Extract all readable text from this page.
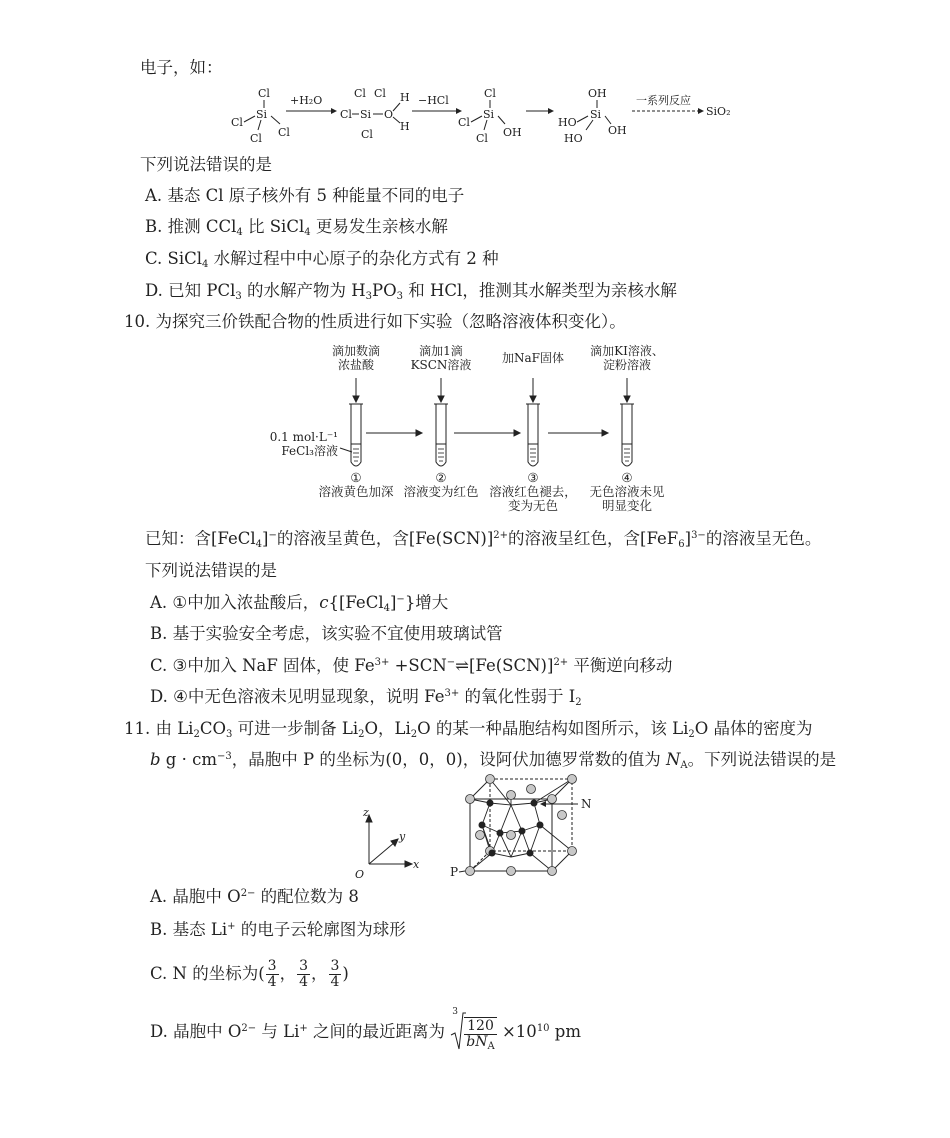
电子，如：
Cl
Si
Cl
Cl
Cl
+H₂O
Cl Cl
Cl Si O
H
H
Cl
−HCl
Cl
Si
Cl
OH
Cl
OH
Si
HO
OH
HO
一系列反应
SiO₂
下列说法错误的是
A. 基态 Cl 原子核外有 5 种能量不同的电子
B. 推测 CCl$_4$ 比 SiCl$_4$ 更易发生亲核水解
C. SiCl$_4$ 水解过程中中心原子的杂化方式有 2 种
D. 已知 PCl$_3$ 的水解产物为 $H_3PO_3$ 和 HCl，推测其水解类型为亲核水解
10. 为探究三价铁配合物的性质进行如下实验（忽略溶液体积变化）。
滴加数滴
浓盐酸
滴加1滴
KSCN溶液	加NaF固体	滴加KI溶液、
淀粉溶液
0.1 mol·L⁻¹
FeCl₃溶液
①
溶液黄色加深
②
溶液变为红色
③
溶液红色褪去，
变为无色
④
无色溶液未见
明显变化
已知：含[FeCl$_4$]−的溶液呈黄色，含$[Fe(SCN)]^{2+}$的溶液呈红色，含$[FeF_6]^{3-}$的溶液呈无色。
下列说法错误的是
A. ①中加入浓盐酸后，c{[FeCl$_4$]−}增大
B. 基于实验安全考虑，该实验不宜使用玻璃试管
C. ③中加入 NaF 固体，使 $Fe^{3+}$ $+SCN^-\rightleftharpoons[Fe(SCN)]^{2+}$ 平衡逆向移动
D. ④中无色溶液未见明显现象，说明 $Fe^{3+}$ 的氧化性弱于 $I_2$
11. 由 $Li_2CO_3$ 可进一步制备 $Li_2O$，$Li_2O$ 的某一种晶胞结构如图所示，该 $Li_2O$ 晶体的密度为
b $g \cdot cm^{-3}$，晶胞中 P 的坐标为(0，0，0)，设阿伏加德罗常数的值为 $N_A$。下列说法错误的是
z
y
x
O
N
P
A. 晶胞中 $O^{2-}$ 的配位数为 8
B. 基态 Li+ 的电子云轮廓图为球形
C. N 的坐标为( $\frac{3}{4}$ ， $\frac{3}{4}$ ， $\frac{3}{4}$ )
D. 晶胞中 $O^{2-}$ 与 Li+ 之间的最近距离为
3
$\frac{120}{bN_A} \times 10^{10}$ pm
